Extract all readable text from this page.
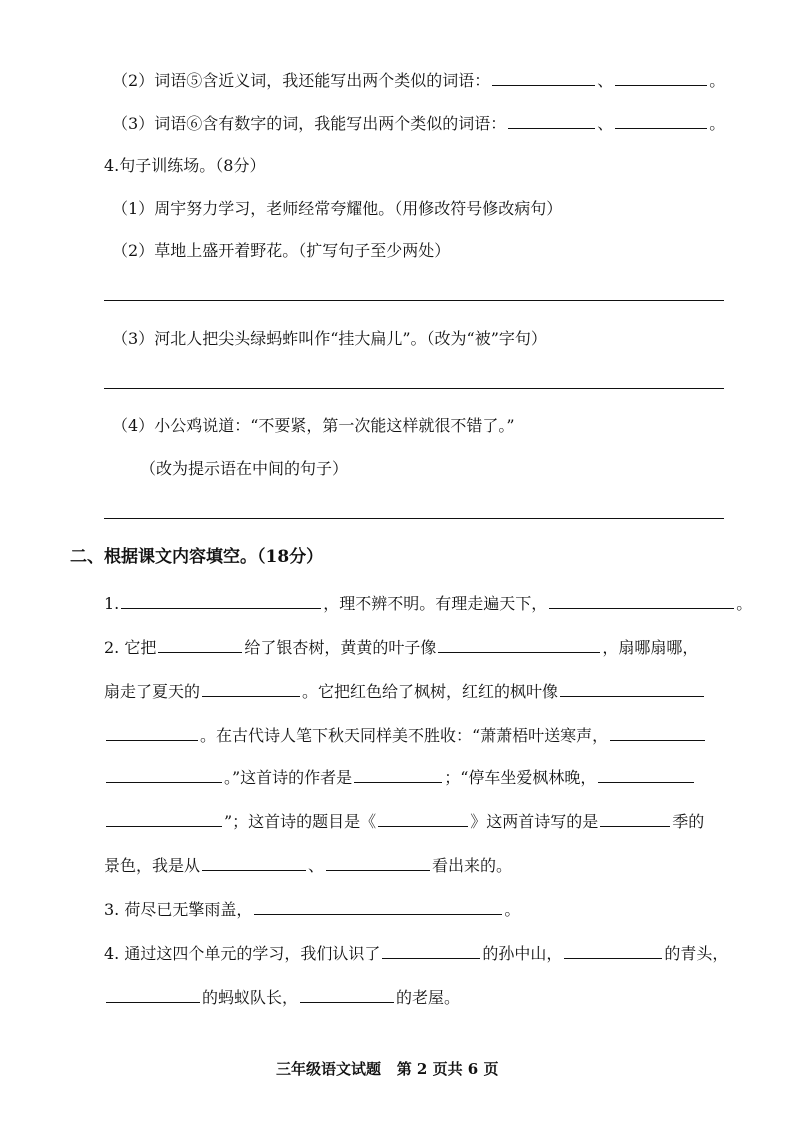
（2）词语⑤含近义词，我还能写出两个类似的词语：	、	。
（3）词语⑥含有数字的词，我能写出两个类似的词语：	、	。
4.句子训练场。（8分）
（1）周宇努力学习，老师经常夸耀他。（用修改符号修改病句）
（2）草地上盛开着野花。（扩写句子至少两处）
（3）河北人把尖头绿蚂蚱叫作“挂大扁儿”。（改为“被”字句）
（4）小公鸡说道：“不要紧，第一次能这样就很不错了。”
（改为提示语在中间的句子）
二、根据课文内容填空。（18分）
1.	，理不辨不明。有理走遍天下，	。
2. 它把	给了银杏树，黄黄的叶子像	，扇哪扇哪，
扇走了夏天的	。它把红色给了枫树，红红的枫叶像
。在古代诗人笔下秋天同样美不胜收：“萧萧梧叶送寒声，
。”这首诗的作者是	；“停车坐爱枫林晚，
”；这首诗的题目是《	》这两首诗写的是	季的
景色，我是从	、	看出来的。
3. 荷尽已无擎雨盖，	。
4. 通过这四个单元的学习，我们认识了	的孙中山，	的青头，
的蚂蚁队长，	的老屋。
三年级语文试题 第 2 页共 6 页
